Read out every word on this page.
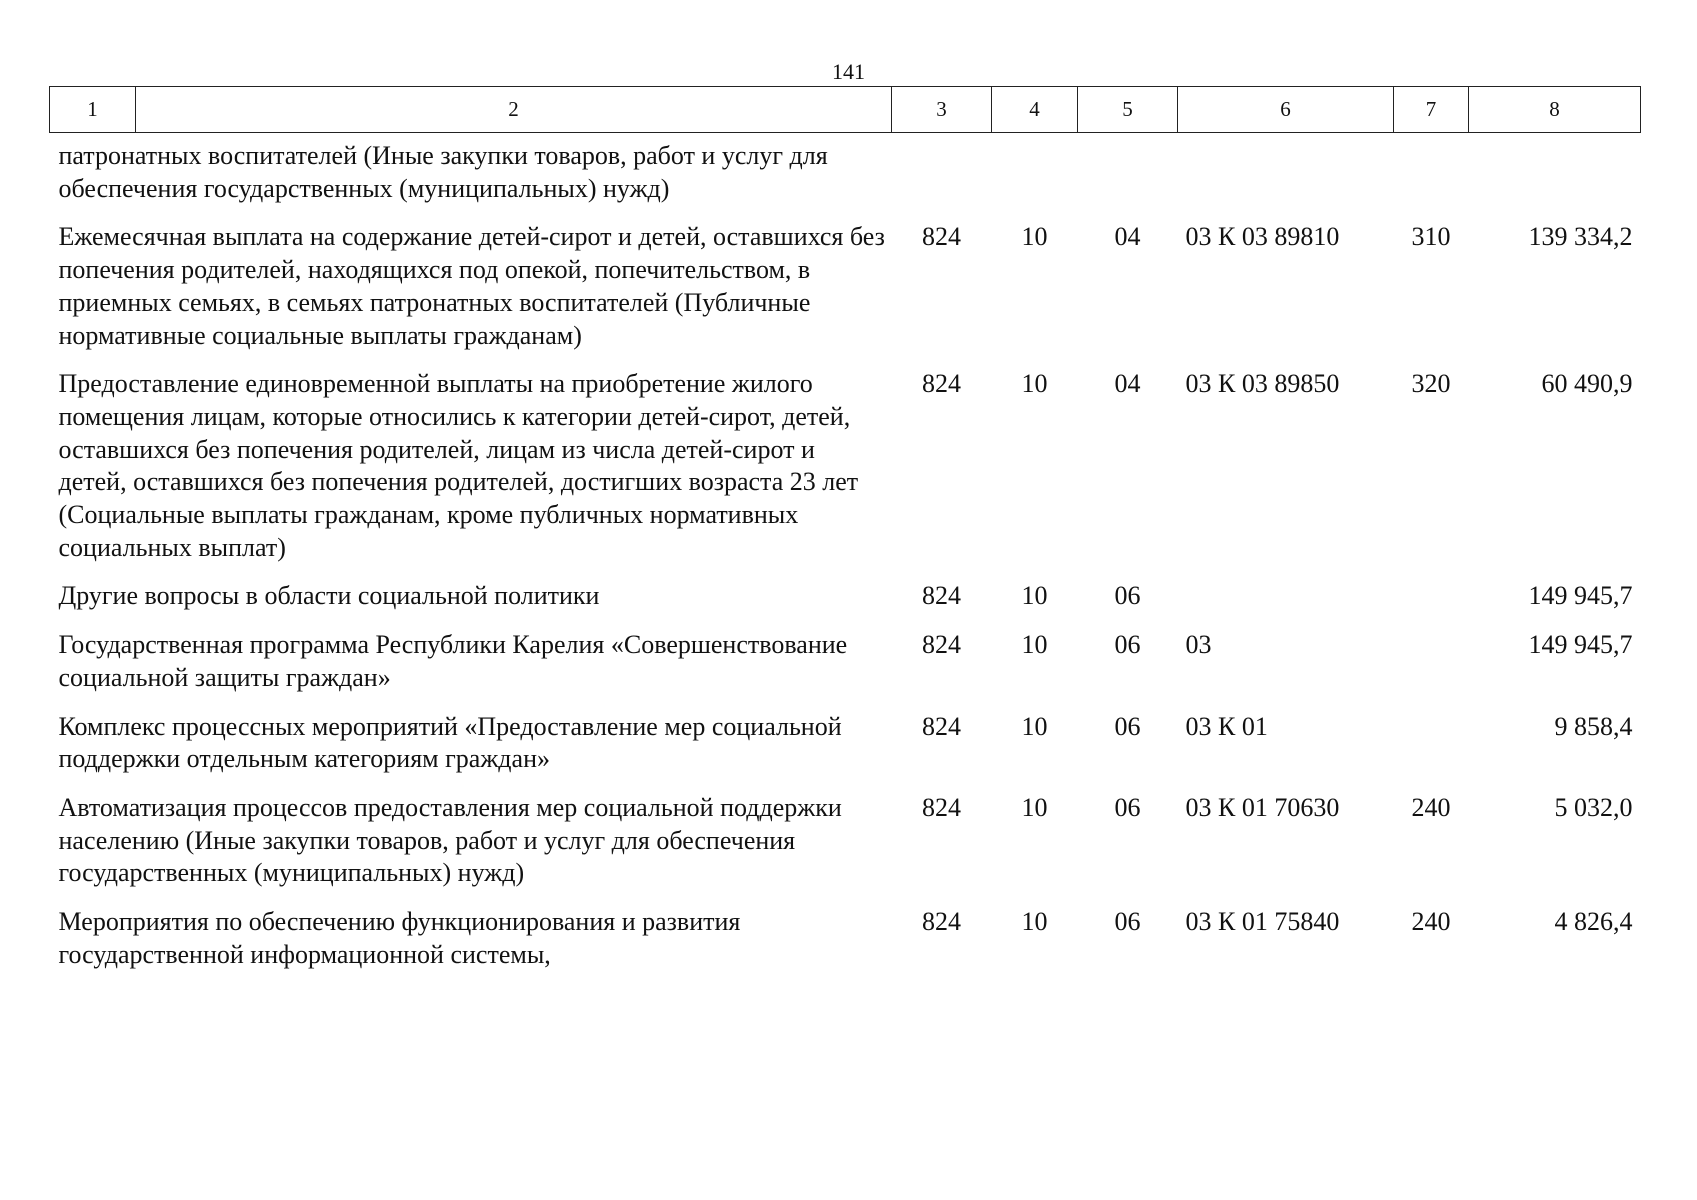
141
1	2	3	4	5	6	7	8
патронатных воспитателей (Иные закупки товаров, работ и услуг для обеспечения государственных (муниципальных) нужд)							
Ежемесячная выплата на содержание детей-сирот и детей, оставшихся без попечения родителей, находящихся под опекой, попечительством, в приемных семьях, в семьях патронатных воспитателей (Публичные нормативные социальные выплаты гражданам)		824	10	04	03 К 03 89810	310	139 334,2
Предоставление единовременной выплаты на приобретение жилого помещения лицам, которые относились к категории детей-сирот, детей, оставшихся без попечения родителей, лицам из числа детей-сирот и детей, оставшихся без попечения родителей, достигших возраста 23 лет (Социальные выплаты гражданам, кроме публичных нормативных социальных выплат)		824	10	04	03 К 03 89850	320	60 490,9
Другие вопросы в области социальной политики		824	10	06			149 945,7
Государственная программа Республики Карелия «Совершенствование социальной защиты граждан»		824	10	06	03		149 945,7
Комплекс процессных мероприятий «Предоставление мер социальной поддержки отдельным категориям граждан»		824	10	06	03 К 01		9 858,4
Автоматизация процессов предоставления мер социальной поддержки населению (Иные закупки товаров, работ и услуг для обеспечения государственных (муниципальных) нужд)		824	10	06	03 К 01 70630	240	5 032,0
Мероприятия по обеспечению функционирования и развития государственной информационной системы,		824	10	06	03 К 01 75840	240	4 826,4
